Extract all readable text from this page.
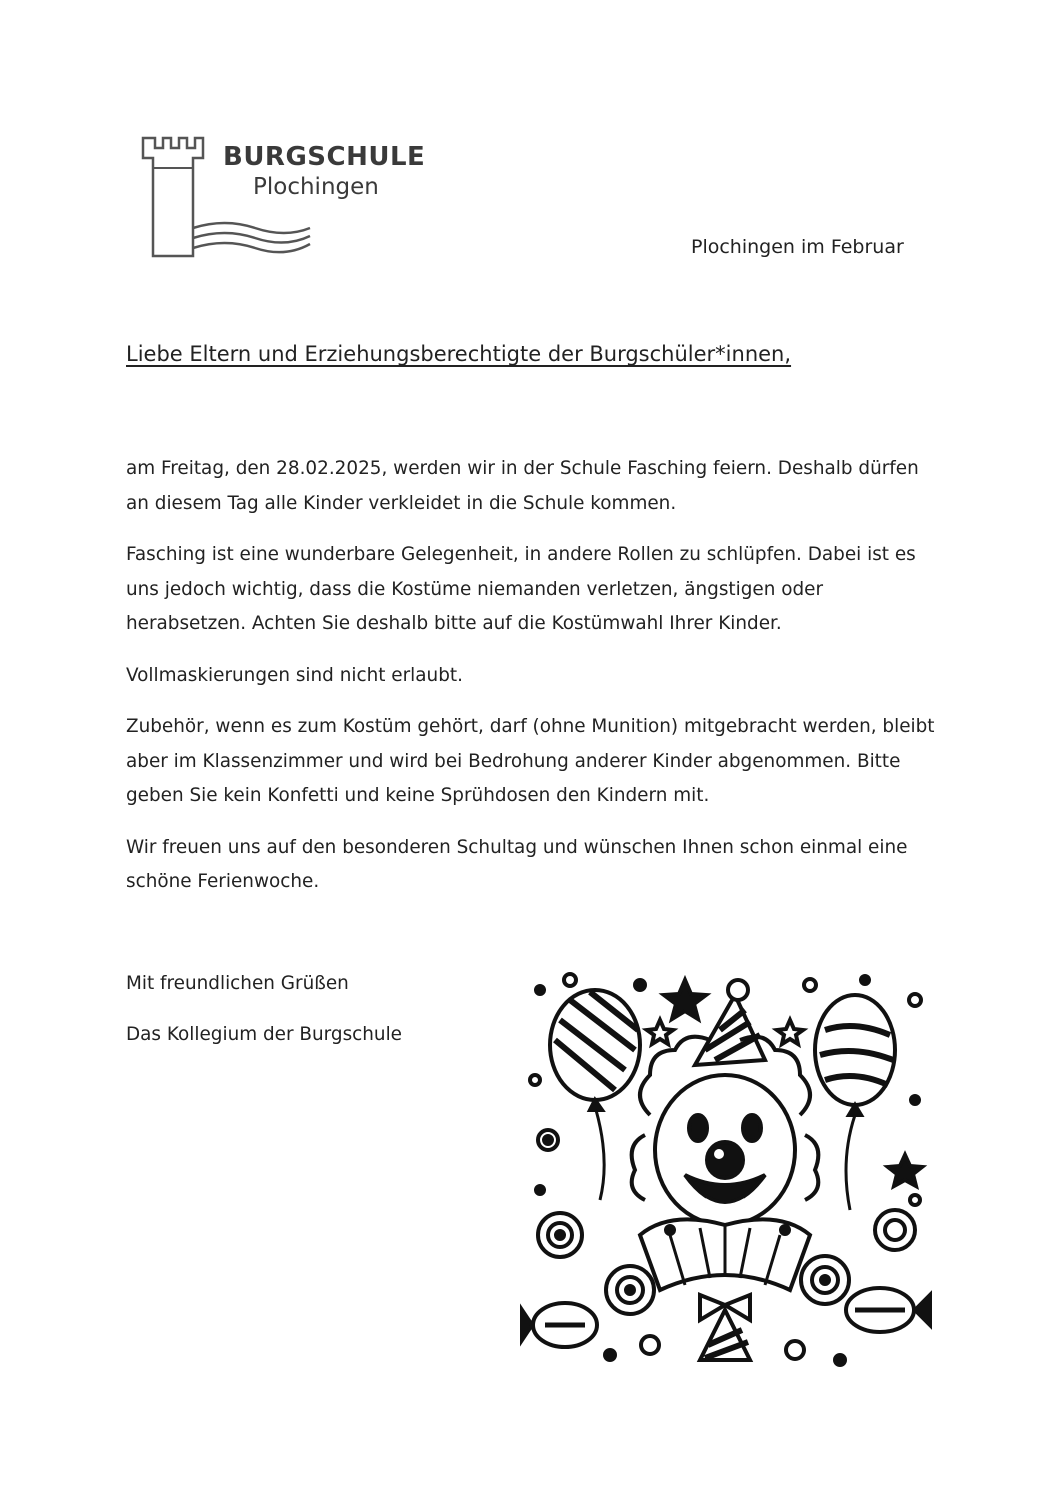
BURGSCHULE
Plochingen
Plochingen im Februar
Liebe Eltern und Erziehungsberechtigte der Burgschüler*innen,

am Freitag, den 28.02.2025, werden wir in der Schule Fasching feiern. Deshalb dürfen an diesem Tag alle Kinder verkleidet in die Schule kommen.

Fasching ist eine wunderbare Gelegenheit, in andere Rollen zu schlüpfen. Dabei ist es uns jedoch wichtig, dass die Kostüme niemanden verletzen, ängstigen oder herabsetzen. Achten Sie deshalb bitte auf die Kostümwahl Ihrer Kinder.

Vollmaskierungen sind nicht erlaubt.

Zubehör, wenn es zum Kostüm gehört, darf (ohne Munition) mitgebracht werden, bleibt aber im Klassenzimmer und wird bei Bedrohung anderer Kinder abgenommen. Bitte geben Sie kein Konfetti und keine Sprühdosen den Kindern mit.

Wir freuen uns auf den besonderen Schultag und wünschen Ihnen schon einmal eine schöne Ferienwoche.

Mit freundlichen Grüßen

Das Kollegium der Burgschule
